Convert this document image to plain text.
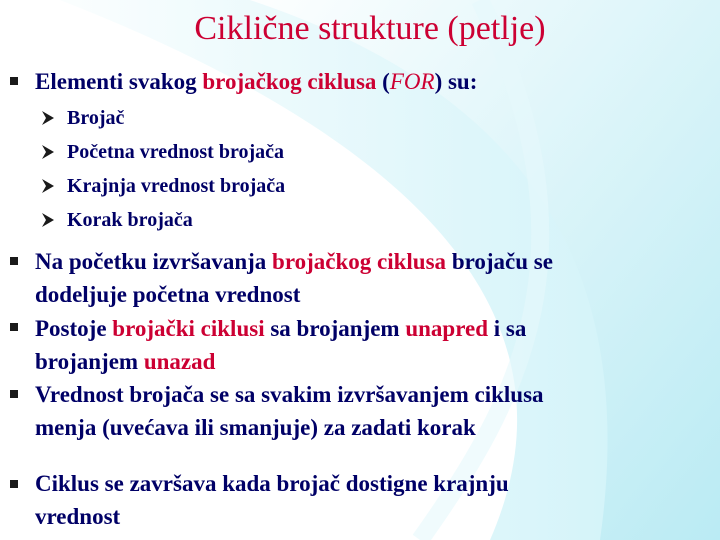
Ciklične strukture (petlje)
Elementi svakog brojačkog ciklusa (FOR) su:
Brojač
Početna vrednost brojača
Krajnja vrednost brojača
Korak brojača
Na početku izvršavanja brojačkog ciklusa brojaču se
dodeljuje početna vrednost
Postoje brojački ciklusi sa brojanjem unapred i sa
brojanjem unazad
Vrednost brojača se sa svakim izvršavanjem ciklusa
menja (uvećava ili smanjuje) za zadati korak
Ciklus se završava kada brojač dostigne krajnju
vrednost
